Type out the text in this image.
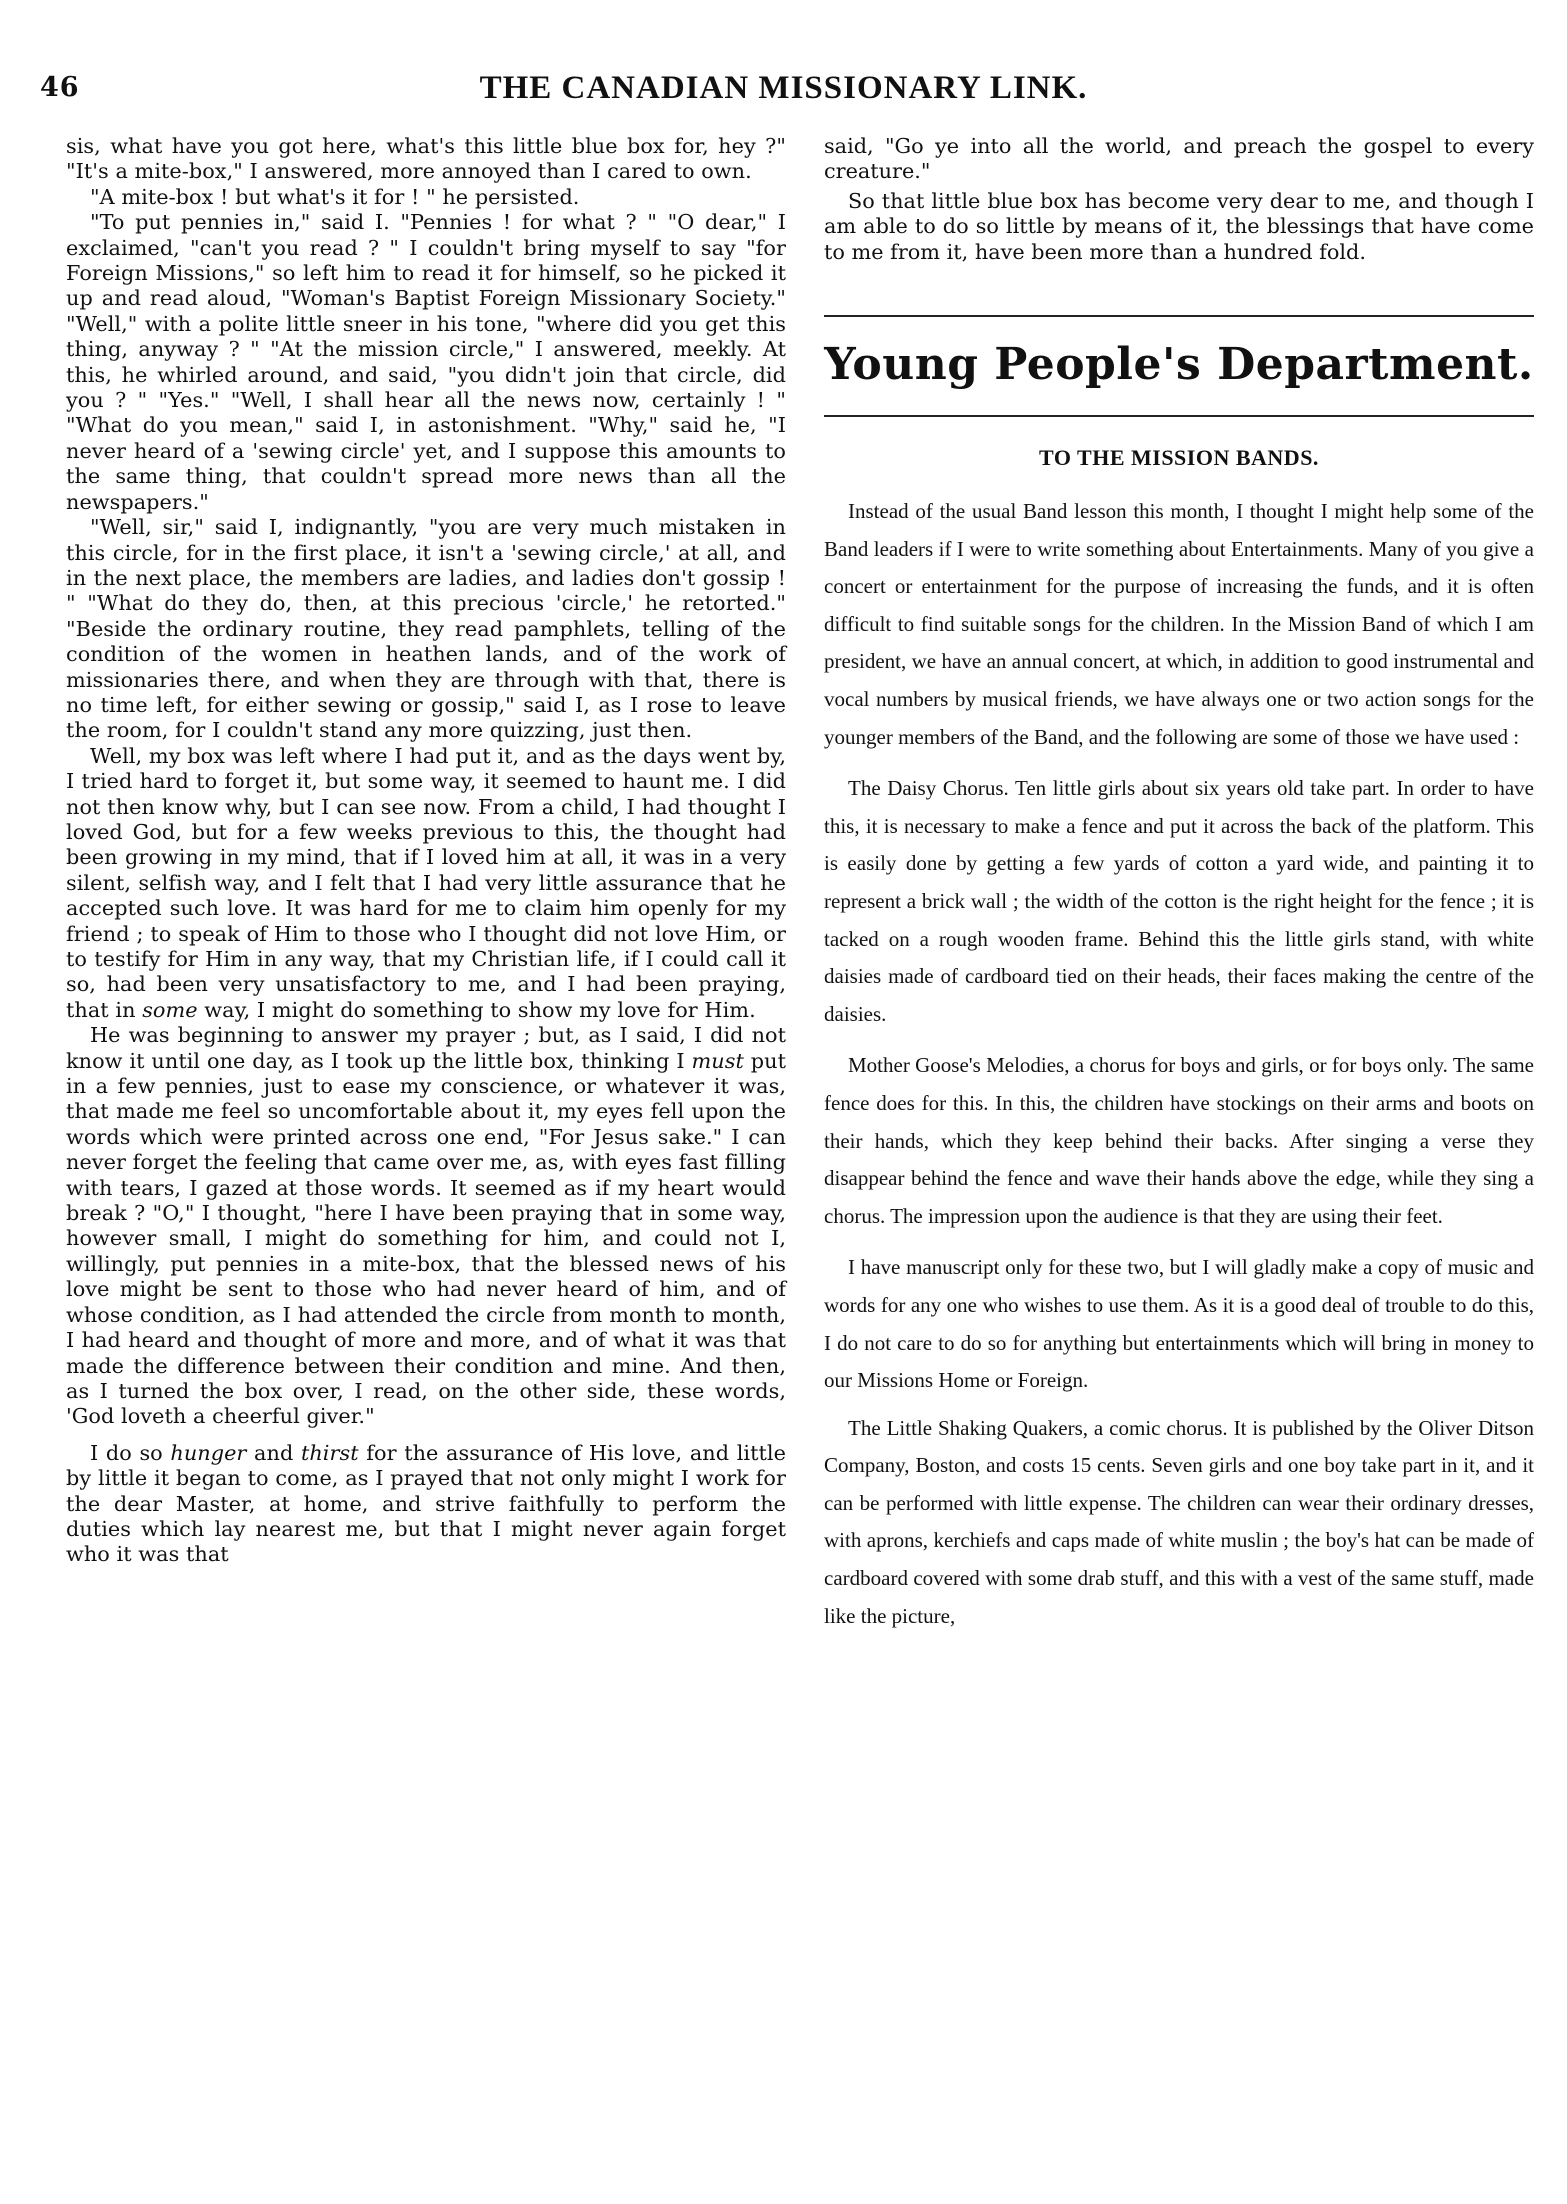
46	THE CANADIAN MISSIONARY LINK.

sis, what have you got here, what's this little blue box for, hey ?" "It's a mite-box," I answered, more annoyed than I cared to own.

"A mite-box ! but what's it for ! " he persisted.

"To put pennies in," said I. "Pennies ! for what ? " "O dear," I exclaimed, "can't you read ? " I couldn't bring myself to say "for Foreign Missions," so left him to read it for himself, so he picked it up and read aloud, "Woman's Baptist Foreign Missionary Society." "Well," with a polite little sneer in his tone, "where did you get this thing, anyway ? " "At the mission circle," I answered, meekly. At this, he whirled around, and said, "you didn't join that circle, did you ? " "Yes." "Well, I shall hear all the news now, certainly ! " "What do you mean," said I, in astonishment. "Why," said he, "I never heard of a 'sewing circle' yet, and I suppose this amounts to the same thing, that couldn't spread more news than all the newspapers."

"Well, sir," said I, indignantly, "you are very much mistaken in this circle, for in the first place, it isn't a 'sewing circle,' at all, and in the next place, the members are ladies, and ladies don't gossip ! " "What do they do, then, at this precious 'circle,' he retorted." "Beside the ordinary routine, they read pamphlets, telling of the condition of the women in heathen lands, and of the work of missionaries there, and when they are through with that, there is no time left, for either sewing or gossip," said I, as I rose to leave the room, for I couldn't stand any more quizzing, just then.

Well, my box was left where I had put it, and as the days went by, I tried hard to forget it, but some way, it seemed to haunt me. I did not then know why, but I can see now. From a child, I had thought I loved God, but for a few weeks previous to this, the thought had been growing in my mind, that if I loved him at all, it was in a very silent, selfish way, and I felt that I had very little assurance that he accepted such love. It was hard for me to claim him openly for my friend ; to speak of Him to those who I thought did not love Him, or to testify for Him in any way, that my Christian life, if I could call it so, had been very unsatisfactory to me, and I had been praying, that in some way, I might do something to show my love for Him.

He was beginning to answer my prayer ; but, as I said, I did not know it until one day, as I took up the little box, thinking I must put in a few pennies, just to ease my conscience, or whatever it was, that made me feel so uncomfortable about it, my eyes fell upon the words which were printed across one end, "For Jesus sake." I can never forget the feeling that came over me, as, with eyes fast filling with tears, I gazed at those words. It seemed as if my heart would break ? "O," I thought, "here I have been praying that in some way, however small, I might do something for him, and could not I, willingly, put pennies in a mite-box, that the blessed news of his love might be sent to those who had never heard of him, and of whose condition, as I had attended the circle from month to month, I had heard and thought of more and more, and of what it was that made the difference between their condition and mine. And then, as I turned the box over, I read, on the other side, these words, 'God loveth a cheerful giver."

I do so hunger and thirst for the assurance of His love, and little by little it began to come, as I prayed that not only might I work for the dear Master, at home, and strive faithfully to perform the duties which lay nearest me, but that I might never again forget who it was that

said, "Go ye into all the world, and preach the gospel to every creature."

So that little blue box has become very dear to me, and though I am able to do so little by means of it, the blessings that have come to me from it, have been more than a hundred fold.

Young People's Department.
TO THE MISSION BANDS.

Instead of the usual Band lesson this month, I thought I might help some of the Band leaders if I were to write something about Entertainments. Many of you give a concert or entertainment for the purpose of increasing the funds, and it is often difficult to find suitable songs for the children. In the Mission Band of which I am president, we have an annual concert, at which, in addition to good instrumental and vocal numbers by musical friends, we have always one or two action songs for the younger members of the Band, and the following are some of those we have used :

The Daisy Chorus. Ten little girls about six years old take part. In order to have this, it is necessary to make a fence and put it across the back of the platform. This is easily done by getting a few yards of cotton a yard wide, and painting it to represent a brick wall ; the width of the cotton is the right height for the fence ; it is tacked on a rough wooden frame. Behind this the little girls stand, with white daisies made of cardboard tied on their heads, their faces making the centre of the daisies.

Mother Goose's Melodies, a chorus for boys and girls, or for boys only. The same fence does for this. In this, the children have stockings on their arms and boots on their hands, which they keep behind their backs. After singing a verse they disappear behind the fence and wave their hands above the edge, while they sing a chorus. The impression upon the audience is that they are using their feet.

I have manuscript only for these two, but I will gladly make a copy of music and words for any one who wishes to use them. As it is a good deal of trouble to do this, I do not care to do so for anything but entertainments which will bring in money to our Missions Home or Foreign.

The Little Shaking Quakers, a comic chorus. It is published by the Oliver Ditson Company, Boston, and costs 15 cents. Seven girls and one boy take part in it, and it can be performed with little expense. The children can wear their ordinary dresses, with aprons, kerchiefs and caps made of white muslin ; the boy's hat can be made of cardboard covered with some drab stuff, and this with a vest of the same stuff, made like the picture,
